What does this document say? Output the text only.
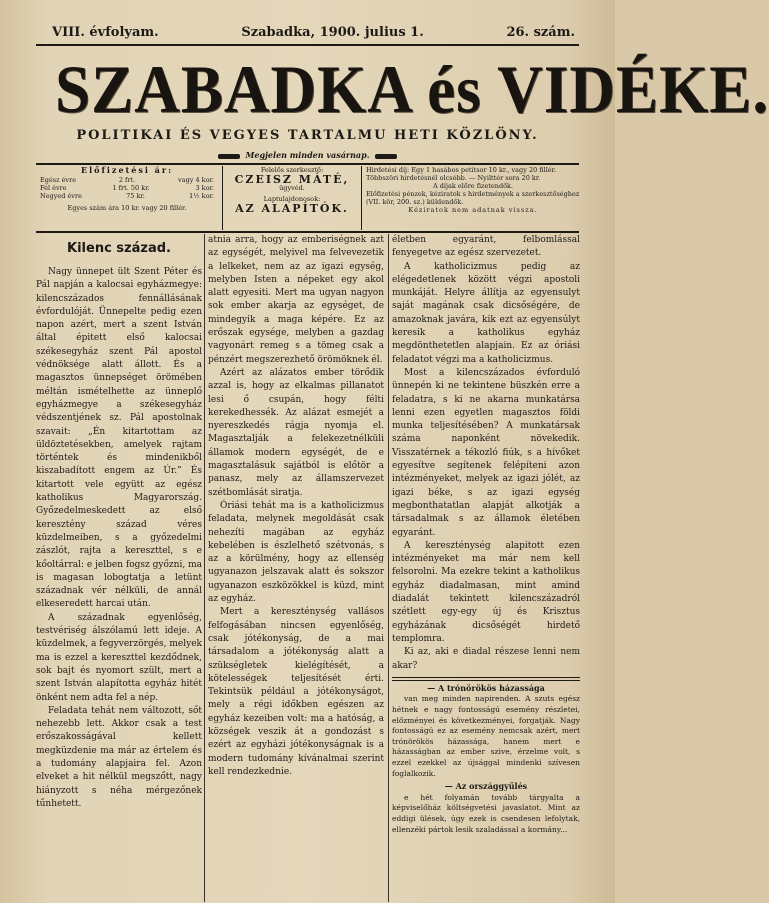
VIII. évfolyam.	Szabadka, 1900. julius 1.	26. szám.
SZABADKA és VIDÉKE.
POLITIKAI ÉS VEGYES TARTALMU HETI KÖZLÖNY.
Megjelen minden vasárnap.
Előfizetési ár:
Egész évre	2 frt.	vagy 4 kor.
Fél évre	1 frt. 50 kr.	3 kor.
Negyed évre	75 kr.	1½ kor.
Egyes szám ára 10 kr. vagy 20 fillér.
Felelős szerkesztő:
CZEISZ MÁTÉ,
ügyvéd.
Laptulajdonosok:
AZ ALAPÍTÓK.
Hirdetési díj: Egy 1 hasábos petitsor 10 kr., vagy 20 fillér.
Többszöri hirdetésnél olcsóbb. — Nyilttér sora 20 kr.
A díjak előre fizetendők.
Előfizetési pénzek, kéziratok s hirdetmények a szerkesztőséghez (VII. kör, 200. sz.) küldendők.
Kéziratok nem adatnak vissza.
Kilenc század.

Nagy ünnepet ült Szent Péter és Pál napján a kalocsai egyházmegye: kilencszázados fennállásának évfordulóját. Ünnepelte pedig ezen napon azért, mert a szent István által épitett első kalocsai székesegyház szent Pál apostol védnöksége alatt állott. És a magasztos ünnepséget örömében méltán ismételhette az ünneplő egyházmegye a székesegyház védszentjének sz. Pál apostolnak szavait: „Én kitartottam az üldöztetésekben, amelyek rajtam történtek és mindenikből kiszabadított engem az Úr.” És kitartott vele együtt az egész katholikus Magyarország. Győzedelmeskedett az első keresztény század véres küzdelmeiben, s a győzedelmi zászlót, rajta a kereszttel, s e kőoltárral: e jelben fogsz győzni, ma is magasan lobogtatja a letünt századnak vér nélküli, de annál elkeseredett harcai után.

A századnak egyenlőség, testvériség álszólamú lett ideje. A küzdelmek, a fegyverzörgés, melyek ma is ezzel a kereszttel kezdődnek, sok bajt és nyomort szült, mert a szent István alapította egyház hitét önként nem adta fel a nép.

Feladata tehát nem változott, sőt nehezebb lett. Akkor csak a test erőszakosságával kellett megküzdenie ma már az értelem és a tudomány alapjaira fel. Azon elveket a hit nélkül megszőtt, nagy hiányzott s néha mérgezőnek tűnhetett.

atnia arra, hogy az emberiségnek azt az egységét, melyivel ma felvevezetik a lelkeket, nem az az igazi egység, melyben Isten a népeket egy akol alatt egyesiti. Mert ma ugyan nagyon sok ember akarja az egységet, de mindegyik a maga képére. Ez az erőszak egysége, melyben a gazdag vagyonárt remeg s a tömeg csak a pénzért megszerezhető örömöknek él.

Azért az alázatos ember törődik azzal is, hogy az elkalmas pillanatot lesi ő csupán, hogy félti kerekedhessék. Az alázat esmejét a nyereszkedés rágja nyomja el. Magasztalják a felekezetnélküli államok modern egységét, de e magasztalásuk sajátból is előtör a panasz, mely az államszervezet szétbomlását siratja.

Óriási tehát ma is a katholicizmus feladata, melynek megoldását csak nehezíti magában az egyház kebelében is észlelhető szétvonás, s az a körülmény, hogy az ellenség ugyanazon jelszavak alatt és sokszor ugyanazon eszközökkel is küzd, mint az egyház.

Mert a kereszténység vallásos felfogásában nincsen egyenlőség, csak jótékonyság, de a mai társadalom a jótékonyság alatt a szükségletek kielégítését, a kötelességek teljesítését érti. Tekintsük például a jótékonyságot, mely a régi időkben egészen az egyház kezeiben volt: ma a hatóság, a községek veszik át a gondozást s ezért az egyházi jótékonyságnak is a modern tudomány kívánalmai szerint kell rendezkednie.

életben egyaránt, felbomlással fenyegetve az egész szervezetet.

A katholicizmus pedig az elégedetlenek között végzi apostoli munkáját. Helyre állítja az egyensulyt saját magának csak dicsőségére, de amazoknak javára, kik ezt az egyensúlyt keresik a katholikus egyház megdönthetetlen alapjain. Ez az óriási feladatot végzi ma a katholicizmus.

Most a kilencszázados évforduló ünnepén ki ne tekintene büszkén erre a feladatra, s ki ne akarna munkatársa lenni ezen egyetlen magasztos földi munka teljesítésében? A munkatársak száma naponként növekedik. Visszatérnek a tékozló fiúk, s a hívőket egyesítve segítenek felépíteni azon intézményeket, melyek az igazi jólét, az igazi béke, s az igazi egység megbonthatatlan alapját alkotják a társadalmak s az államok életében egyaránt.

A kereszténység alapitott ezen intézményeket ma már nem kell felsorolni. Ma ezekre tekint a katholikus egyház diadalmasan, mint amind diadalát tekintett kilencszázadról szétlett egy-egy új és Krisztus egyházának dicsőségét hirdető templomra.

Ki az, aki e diadal részese lenni nem akar?

— A trónörökös házassága

van meg minden napirenden. A szuts egész hétnek e nagy fontosságú esemény részletei, előzményei és következményei, forgatják. Nagy fontosságú ez az esemény nemcsak azért, mert trónörökös házassága, hanem mert e házasságban az ember szive, érzelme volt, s ezzel ezekkel az újsággal mindenki szívesen foglalkozik.

— Az országgyűlés

e hét folyamán tovább tárgyalta a képviselőház költségvetési javaslatot. Mint az eddigi ülések, úgy ezek is csendesen lefolytak, ellenzéki pártok lesik szaladással a kormány...
